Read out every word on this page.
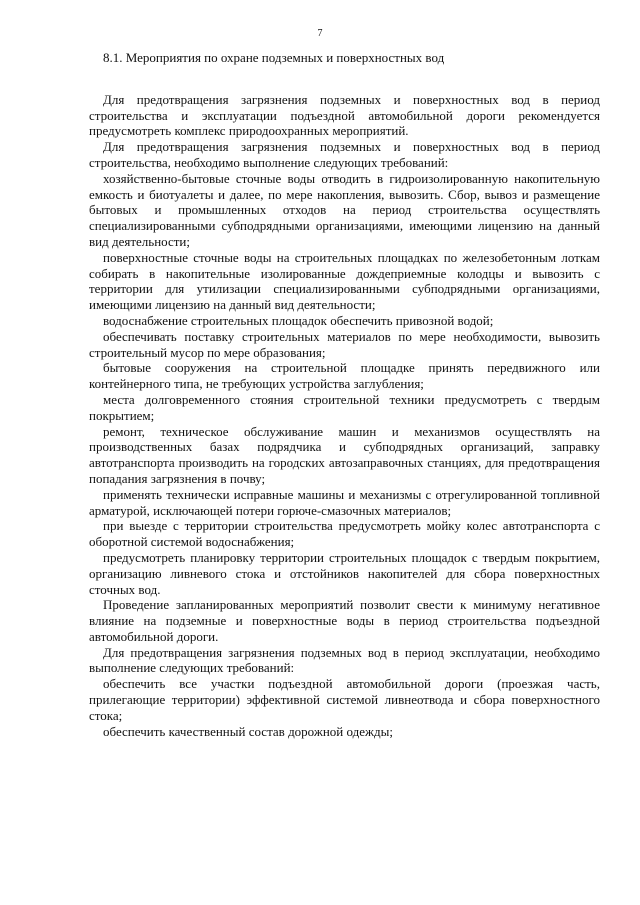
7
8.1. Мероприятия по охране подземных и поверхностных вод

Для предотвращения загрязнения подземных и поверхностных вод в период строительства и эксплуатации подъездной автомобильной дороги рекомендуется предусмотреть комплекс природоохранных мероприятий.

Для предотвращения загрязнения подземных и поверхностных вод в период строительства, необходимо выполнение следующих требований:

хозяйственно-бытовые сточные воды отводить в гидроизолированную накопительную емкость и биотуалеты и далее, по мере накопления, вывозить. Сбор, вывоз и размещение бытовых и промышленных отходов на период строительства осуществлять специализированными субподрядными организациями, имеющими лицензию на данный вид деятельности;

поверхностные сточные воды на строительных площадках по железобетонным лоткам собирать в накопительные изолированные дождеприемные колодцы и вывозить с территории для утилизации специализированными субподрядными организациями, имеющими лицензию на данный вид деятельности;

водоснабжение строительных площадок обеспечить привозной водой;

обеспечивать поставку строительных материалов по мере необходимости, вывозить строительный мусор по мере образования;

бытовые сооружения на строительной площадке принять передвижного или контейнерного типа, не требующих устройства заглубления;

места долговременного стояния строительной техники предусмотреть с твердым покрытием;

ремонт, техническое обслуживание машин и механизмов осуществлять на производственных базах подрядчика и субподрядных организаций, заправку автотранспорта производить на городских автозаправочных станциях, для предотвращения попадания загрязнения в почву;

применять технически исправные машины и механизмы с отрегулированной топливной арматурой, исключающей потери горюче-смазочных материалов;

при выезде с территории строительства предусмотреть мойку колес автотранспорта с оборотной системой водоснабжения;

предусмотреть планировку территории строительных площадок с твердым покрытием, организацию ливневого стока и отстойников накопителей для сбора поверхностных сточных вод.

Проведение запланированных мероприятий позволит свести к минимуму негативное влияние на подземные и поверхностные воды в период строительства подъездной автомобильной дороги.

Для предотвращения загрязнения подземных вод в период эксплуатации, необходимо выполнение следующих требований:

обеспечить все участки подъездной автомобильной дороги (проезжая часть, прилегающие территории) эффективной системой ливнеотвода и сбора поверхностного стока;

обеспечить качественный состав дорожной одежды;
